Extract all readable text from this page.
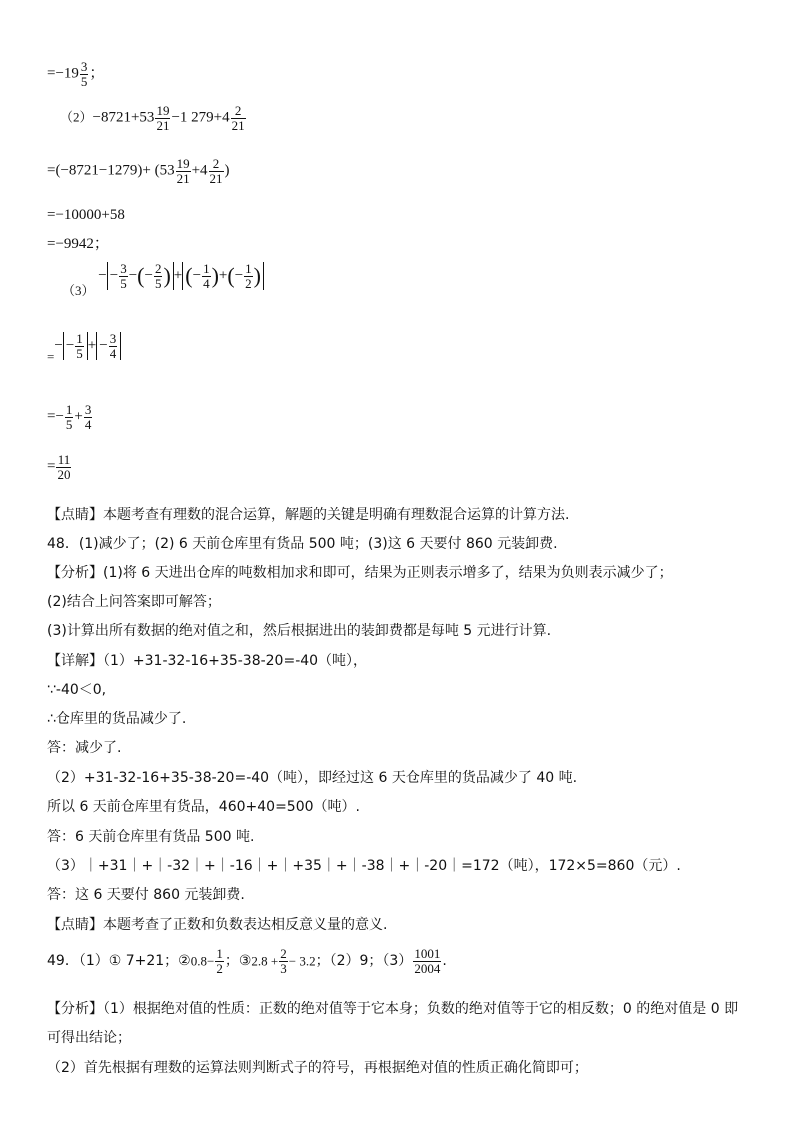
$=-19 \frac{3}{5}$ ；
$(2)-8721+53 \frac{19}{21} -1$ $279+4 \frac{2}{21}$
$=(-8721-1279)+ (53 \frac{19}{21} +4 \frac{2}{21}$ )
=−10000+58
=−9942；
（3） − − $\frac{3}{5}$ −(− $\frac{2}{5}$ ) + (− $\frac{1}{4}$ )+(− $\frac{1}{2}$ )
=− − $\frac{1}{5}$ + − $\frac{3}{4}$
=− $\frac{1}{5} + \frac{3}{4}$
= $\frac{11}{20}$
【点睛】本题考查有理数的混合运算，解题的关键是明确有理数混合运算的计算方法.
48．(1)减少了；(2) 6 天前仓库里有货品 500 吨；(3)这 6 天要付 860 元装卸费.
【分析】(1)将 6 天进出仓库的吨数相加求和即可，结果为正则表示增多了，结果为负则表示减少了；
(2)结合上问答案即可解答；
(3)计算出所有数据的绝对值之和，然后根据进出的装卸费都是每吨 5 元进行计算.
【详解】（1）+31-32-16+35-38-20=-40（吨），
∵-40＜0,
∴仓库里的货品减少了.
答：减少了.
（2）+31-32-16+35-38-20=-40（吨），即经过这 6 天仓库里的货品减少了 40 吨.
所以 6 天前仓库里有货品，460+40=500（吨）.
答：6 天前仓库里有货品 500 吨.
（3）｜+31｜+｜-32｜+｜-16｜+｜+35｜+｜-38｜+｜-20｜=172（吨），172×5=860（元）.
答：这 6 天要付 860 元装卸费.
【点睛】本题考查了正数和负数表达相反意义量的意义.
49．（1）① 7+21；②0.8− $\frac{1}{2}$ ；③2.8 + $\frac{2}{3} - 3.2$；（2）9；$(3) \frac{1001}{2004}$ .
【分析】（1）根据绝对值的性质：正数的绝对值等于它本身；负数的绝对值等于它的相反数；0 的绝对值是 0 即
可得出结论；
（2）首先根据有理数的运算法则判断式子的符号，再根据绝对值的性质正确化简即可；
